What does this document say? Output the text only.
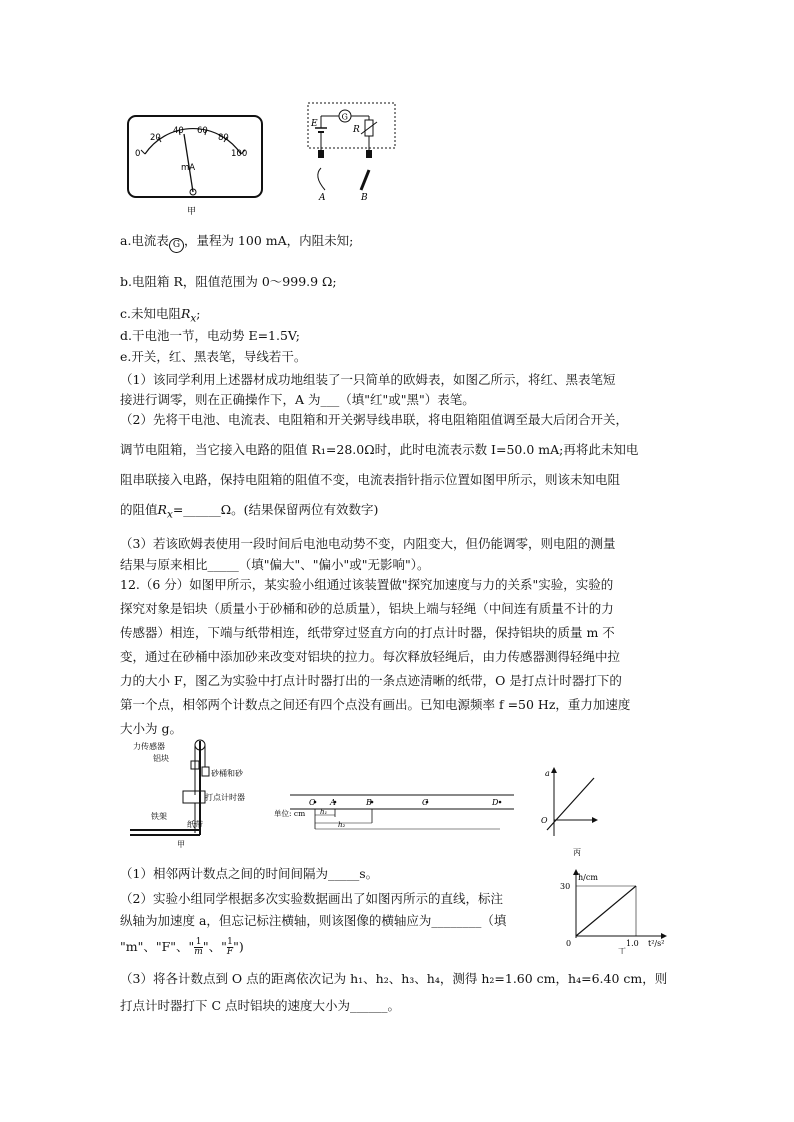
0
20
40 60
80
100
mA
甲
G
E
R
A	B
a.电流表 G ，量程为 100 mA，内阻未知;
b.电阻箱 R，阻值范围为 0～999.9 Ω;
c.未知电阻$R_x$;
d.干电池一节，电动势 E=1.5V;
e.开关，红、黑表笔，导线若干。
（1）该同学利用上述器材成功地组装了一只简单的欧姆表，如图乙所示，将红、黑表笔短
接进行调零，则在正确操作下，A 为___（填"红"或"黑"）表笔。
（2）先将干电池、电流表、电阻箱和开关粥导线串联，将电阻箱阻值调至最大后闭合开关，
调节电阻箱，当它接入电路的阻值 R₁=28.0Ω时，此时电流表示数 I=50.0 mA;再将此未知电
阻串联接入电路，保持电阻箱的阻值不变，电流表指针指示位置如图甲所示，则该未知电阻
的阻值$R_x=\_\_\_\_\_\_\Omega$。(结果保留两位有效数字)
（3）若该欧姆表使用一段时间后电池电动势不变，内阻变大，但仍能调零，则电阻的测量
结果与原来相比_____（填"偏大"、"偏小"或"无影响"）。
12.（6 分）如图甲所示，某实验小组通过该装置做"探究加速度与力的关系"实验，实验的
探究对象是铝块（质量小于砂桶和砂的总质量），铝块上端与轻绳（中间连有质量不计的力
传感器）相连，下端与纸带相连，纸带穿过竖直方向的打点计时器，保持铝块的质量 m 不
变，通过在砂桶中添加砂来改变对铝块的拉力。每次释放轻绳后，由力传感器测得轻绳中拉
力的大小 F，图乙为实验中打点计时器打出的一条点迹清晰的纸带，O 是打点计时器打下的
第一个点，相邻两个计数点之间还有四个点没有画出。已知电源频率 f =50 Hz，重力加速度
大小为 g。
力传感器
铝块
砂桶和砂
打点计时器
铁架
纸带
甲
单位: cm
O A	B	C	D
h₁
h₂
a
O
丙
（1）相邻两计数点之间的时间间隔为_____s。
（2）实验小组同学根据多次实验数据画出了如图丙所示的直线，标注
纵轴为加速度 a，但忘记标注横轴，则该图像的横轴应为________（填
"m"、"F"、" $\frac{1}{m}$ "、" $\frac{1}{F}$ ")
h/cm
30
0	1.0 t²/s²
丁
（3）将各计数点到 O 点的距离依次记为 h₁、h₂、h₃、h₄，测得 h₂=1.60 cm，h₄=6.40 cm，则
打点计时器打下 C 点时铝块的速度大小为______。
